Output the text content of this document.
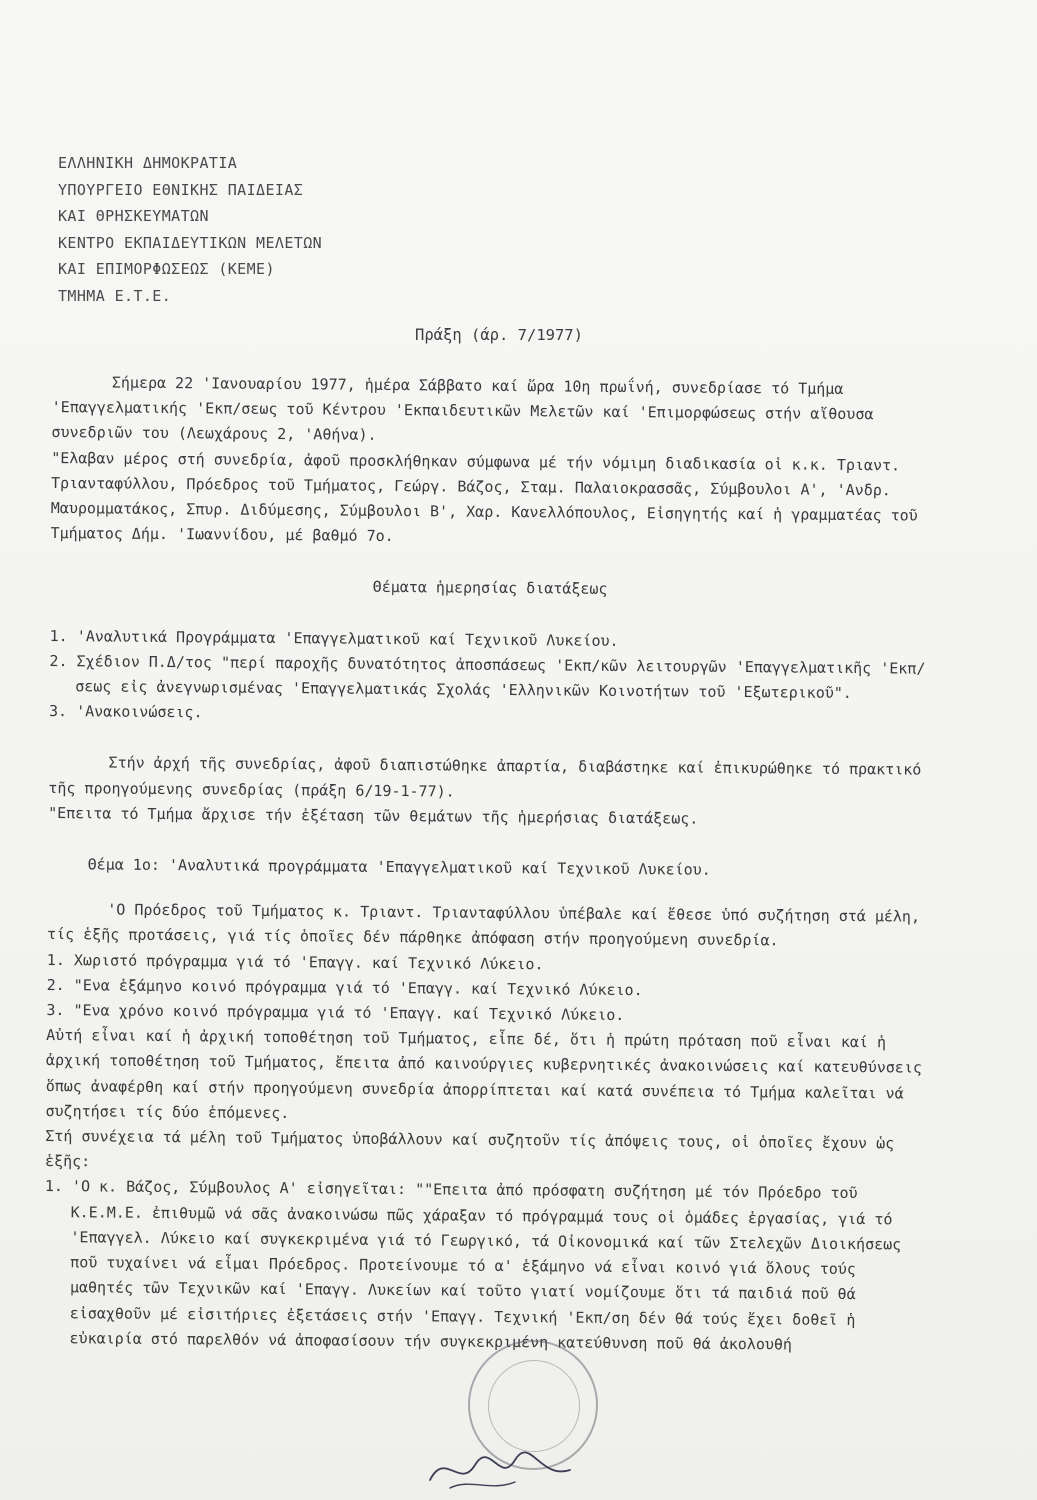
ΕΛΛΗΝΙΚΗ ΔΗΜΟΚΡΑΤΙΑ
ΥΠΟΥΡΓΕΙΟ ΕΘΝΙΚΗΣ ΠΑΙΔΕΙΑΣ
ΚΑΙ ΘΡΗΣΚΕΥΜΑΤΩΝ
ΚΕΝΤΡΟ ΕΚΠΑΙΔΕΥΤΙΚΩΝ ΜΕΛΕΤΩΝ
ΚΑΙ ΕΠΙΜΟΡΦΩΣΕΩΣ (ΚΕΜΕ)
ΤΜΗΜΑ Ε.Τ.Ε.
Πράξη (άρ. 7/1977)

Σήμερα 22 'Ιανουαρίου 1977, ἡμέρα Σάββατο καί ὥρα 10η πρωΐνή, συνεδρίασε τό Τμήμα 'Επαγγελματικής 'Εκπ/σεως τοῦ Κέντρου 'Εκπαιδευτικῶν Μελετῶν καί 'Επιμορφώσεως στήν αἴθουσα συνεδριῶν του (Λεωχάρους 2, 'Αθήνα).

"Ελαβαν μέρος στή συνεδρία, ἀφοῦ προσκλήθηκαν σύμφωνα μέ τήν νόμιμη διαδικασία οἱ κ.κ. Τριαντ. Τριανταφύλλου, Πρόεδρος τοῦ Τμήματος, Γεώργ. Βάζος, Σταμ. Παλαιοκρασσᾶς, Σύμβουλοι Α', 'Ανδρ. Μαυρομματάκος, Σπυρ. Διδύμεσης, Σύμβουλοι Β', Χαρ. Κανελλόπουλος, Εἰσηγητής καί ἡ γραμματέας τοῦ Τμήματος Δήμ. 'Ιωαννίδου, μέ βαθμό 7ο.

Θέματα ἡμερησίας διατάξεως

1. 'Αναλυτικά Προγράμματα 'Επαγγελματικοῦ καί Τεχνικοῦ Λυκείου.

2. Σχέδιον Π.Δ/τος "περί παροχῆς δυνατότητος ἀποσπάσεως 'Εκπ/κῶν λειτουργῶν 'Επαγγελματικῆς 'Εκπ/σεως εἰς ἀνεγνωρισμένας 'Επαγγελματικάς Σχολάς 'Ελληνικῶν Κοινοτήτων τοῦ 'Εξωτερικοῦ".

3. 'Ανακοινώσεις.

Στήν ἀρχή τῆς συνεδρίας, ἀφοῦ διαπιστώθηκε ἀπαρτία, διαβάστηκε καί ἐπικυρώθηκε τό πρακτικό τῆς προηγούμενης συνεδρίας (πράξη 6/19-1-77).

"Επειτα τό Τμήμα ἄρχισε τήν ἐξέταση τῶν θεμάτων τῆς ἡμερήσιας διατάξεως.

Θέμα 1ο: 'Αναλυτικά προγράμματα 'Επαγγελματικοῦ καί Τεχνικοῦ Λυκείου.

'Ο Πρόεδρος τοῦ Τμήματος κ. Τριαντ. Τριανταφύλλου ὑπέβαλε καί ἔθεσε ὑπό συζήτηση στά μέλη, τίς ἑξῆς προτάσεις, γιά τίς ὁποῖες δέν πάρθηκε ἀπόφαση στήν προηγούμενη συνεδρία.

1. Χωριστό πρόγραμμα γιά τό 'Επαγγ. καί Τεχνικό Λύκειο.

2. "Ενα ἑξάμηνο κοινό πρόγραμμα γιά τό 'Επαγγ. καί Τεχνικό Λύκειο.

3. "Ενα χρόνο κοινό πρόγραμμα γιά τό 'Επαγγ. καί Τεχνικό Λύκειο.

Αὐτή εἶναι καί ἡ ἀρχική τοποθέτηση τοῦ Τμήματος, εἶπε δέ, ὅτι ἡ πρώτη πρόταση ποῦ εἶναι καί ἡ ἀρχική τοποθέτηση τοῦ Τμήματος, ἔπειτα ἀπό καινούργιες κυβερνητικές ἀνακοινώσεις καί κατευθύνσεις ὅπως ἀναφέρθη καί στήν προηγούμενη συνεδρία ἀπορρίπτεται καί κατά συνέπεια τό Τμήμα καλεῖται νά συζητήσει τίς δύο ἑπόμενες.

Στή συνέχεια τά μέλη τοῦ Τμήματος ὑποβάλλουν καί συζητοῦν τίς ἀπόψεις τους, οἱ ὁποῖες ἔχουν ὡς ἑξῆς:

1. 'Ο κ. Βάζος, Σύμβουλος Α' εἰσηγεῖται: ""Επειτα ἀπό πρόσφατη συζήτηση μέ τόν Πρόεδρο τοῦ Κ.Ε.Μ.Ε. ἐπιθυμῶ νά σᾶς ἀνακοινώσω πῶς χάραξαν τό πρόγραμμά τους οἱ ὁμάδες ἐργασίας, γιά τό 'Επαγγελ. Λύκειο καί συγκεκριμένα γιά τό Γεωργικό, τά Οἰκονομικά καί τῶν Στελεχῶν Διοικήσεως ποῦ τυχαίνει νά εἶμαι Πρόεδρος. Προτείνουμε τό α' ἑξάμηνο νά εἶναι κοινό γιά ὅλους τούς μαθητές τῶν Τεχνικῶν καί 'Επαγγ. Λυκείων καί τοῦτο γιατί νομίζουμε ὅτι τά παιδιά ποῦ θά εἰσαχθοῦν μέ εἰσιτήριες ἐξετάσεις στήν 'Επαγγ. Τεχνική 'Εκπ/ση δέν θά τούς ἔχει δοθεῖ ἡ εὐκαιρία στό παρελθόν νά ἀποφασίσουν τήν συγκεκριμένη κατεύθυνση ποῦ θά ἀκολουθή
